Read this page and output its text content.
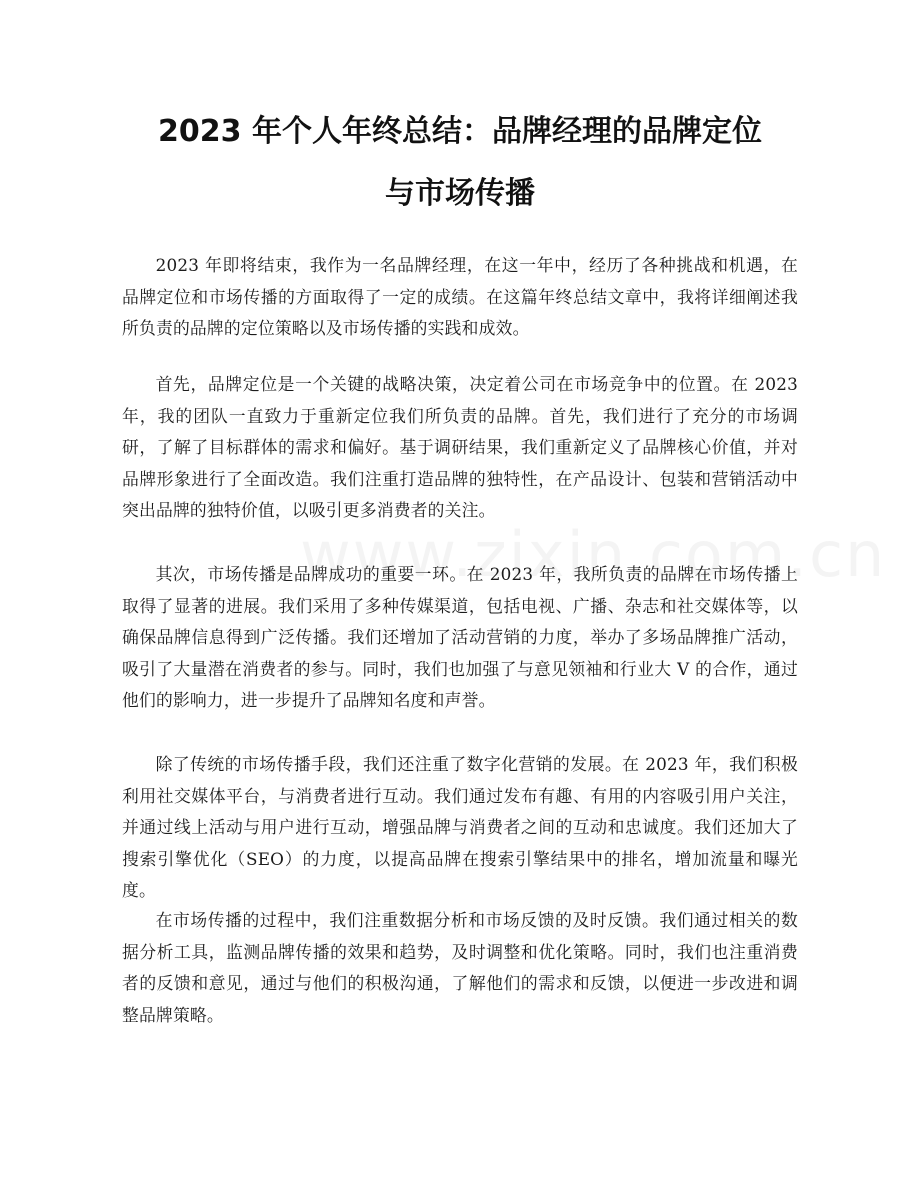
2023 年个人年终总结：品牌经理的品牌定位
与市场传播

2023 年即将结束，我作为一名品牌经理，在这一年中，经历了各种挑战和机遇，在品牌定位和市场传播的方面取得了一定的成绩。在这篇年终总结文章中，我将详细阐述我所负责的品牌的定位策略以及市场传播的实践和成效。

首先，品牌定位是一个关键的战略决策，决定着公司在市场竞争中的位置。在 2023 年，我的团队一直致力于重新定位我们所负责的品牌。首先，我们进行了充分的市场调研，了解了目标群体的需求和偏好。基于调研结果，我们重新定义了品牌核心价值，并对品牌形象进行了全面改造。我们注重打造品牌的独特性，在产品设计、包装和营销活动中突出品牌的独特价值，以吸引更多消费者的关注。

其次，市场传播是品牌成功的重要一环。在 2023 年，我所负责的品牌在市场传播上取得了显著的进展。我们采用了多种传媒渠道，包括电视、广播、杂志和社交媒体等，以确保品牌信息得到广泛传播。我们还增加了活动营销的力度，举办了多场品牌推广活动，吸引了大量潜在消费者的参与。同时，我们也加强了与意见领袖和行业大 V 的合作，通过他们的影响力，进一步提升了品牌知名度和声誉。

除了传统的市场传播手段，我们还注重了数字化营销的发展。在 2023 年，我们积极利用社交媒体平台，与消费者进行互动。我们通过发布有趣、有用的内容吸引用户关注，并通过线上活动与用户进行互动，增强品牌与消费者之间的互动和忠诚度。我们还加大了搜索引擎优化（SEO）的力度，以提高品牌在搜索引擎结果中的排名，增加流量和曝光度。

在市场传播的过程中，我们注重数据分析和市场反馈的及时反馈。我们通过相关的数据分析工具，监测品牌传播的效果和趋势，及时调整和优化策略。同时，我们也注重消费者的反馈和意见，通过与他们的积极沟通，了解他们的需求和反馈，以便进一步改进和调整品牌策略。
